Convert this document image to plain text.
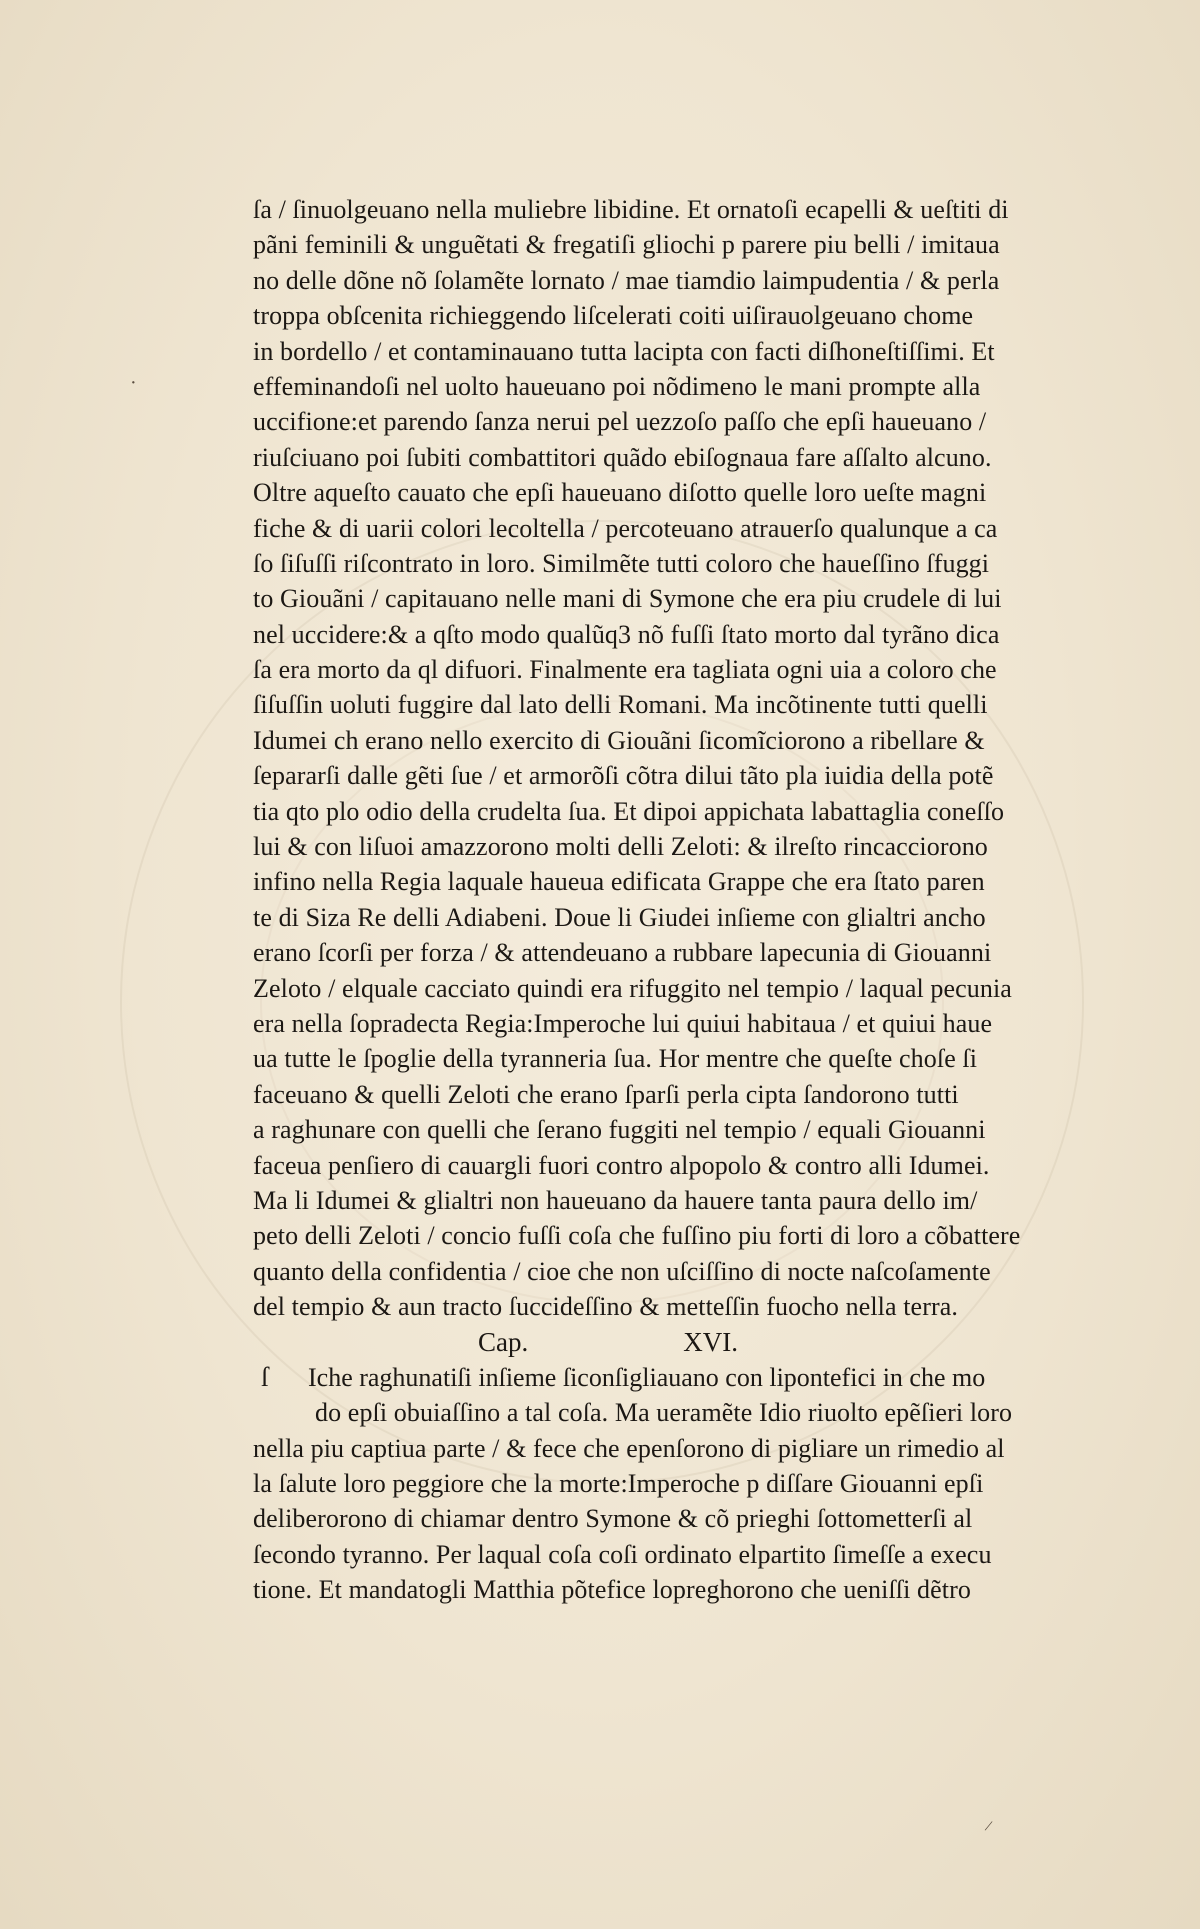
·
/
ſa / ſinuolgeuano nella muliebre libidine. Et ornatoſi ecapelli & ueſtiti di
pãni feminili & unguẽtati & fregatiſi gliochi p parere piu belli / imitaua
no delle dõne nõ ſolamẽte lornato / mae tiamdio laimpudentia / & perla
troppa obſcenita richieggendo liſcelerati coiti uiſirauolgeuano chome
in bordello / et contaminauano tutta lacipta con facti diſhoneſtiſſimi. Et
effeminandoſi nel uolto haueuano poi nõdimeno le mani prompte alla
uccifione:et parendo ſanza nerui pel uezzoſo paſſo che epſi haueuano /
riuſciuano poi ſubiti combattitori quãdo ebiſognaua fare aſſalto alcuno.
Oltre aqueſto cauato che epſi haueuano diſotto quelle loro ueſte magni
fiche & di uarii colori lecoltella / percoteuano atrauerſo qualunque a ca
ſo ſiſuſſi riſcontrato in loro. Similmẽte tutti coloro che haueſſino ſfuggi
to Giouãni / capitauano nelle mani di Symone che era piu crudele di lui
nel uccidere:& a qſto modo qualũq3 nõ fuſſi ſtato morto dal tyrãno dica
ſa era morto da ql difuori. Finalmente era tagliata ogni uia a coloro che
ſiſuſſin uoluti fuggire dal lato delli Romani. Ma incõtinente tutti quelli
Idumei ch erano nello exercito di Giouãni ſicomĩciorono a ribellare &
ſepararſi dalle gẽti ſue / et armorõſi cõtra dilui tãto pla iuidia della potẽ
tia qto plo odio della crudelta ſua. Et dipoi appichata labattaglia coneſſo
lui & con liſuoi amazzorono molti delli Zeloti: & ilreſto rincacciorono
infino nella Regia laquale haueua edificata Grappe che era ſtato paren
te di Siza Re delli Adiabeni. Doue li Giudei inſieme con glialtri ancho
erano ſcorſi per forza / & attendeuano a rubbare lapecunia di Giouanni
Zeloto / elquale cacciato quindi era rifuggito nel tempio / laqual pecunia
era nella ſopradecta Regia:Imperoche lui quiui habitaua / et quiui haue
ua tutte le ſpoglie della tyranneria ſua. Hor mentre che queſte choſe ſi
faceuano & quelli Zeloti che erano ſparſi perla cipta ſandorono tutti
a raghunare con quelli che ſerano fuggiti nel tempio / equali Giouanni
faceua penſiero di cauargli fuori contro alpopolo & contro alli Idumei.
Ma li Idumei & glialtri non haueuano da hauere tanta paura dello im/
peto delli Zeloti / concio fuſſi coſa che fuſſino piu forti di loro a cõbattere
quanto della confidentia / cioe che non uſciſſino di nocte naſcoſamente
del tempio & aun tracto ſuccideſſino & metteſſin fuocho nella terra.
Cap.	XVI.
ſ	Iche raghunatiſi inſieme ſiconſigliauano con lipontefici in che mo
do epſi obuiaſſino a tal coſa. Ma ueramẽte Idio riuolto epẽſieri loro
nella piu captiua parte / & fece che epenſorono di pigliare un rimedio al
la ſalute loro peggiore che la morte:Imperoche p diſſare Giouanni epſi
deliberorono di chiamar dentro Symone & cõ prieghi ſottometterſi al
ſecondo tyranno. Per laqual coſa coſi ordinato elpartito ſimeſſe a execu
tione. Et mandatogli Matthia põtefice lopreghorono che ueniſſi dẽtro
